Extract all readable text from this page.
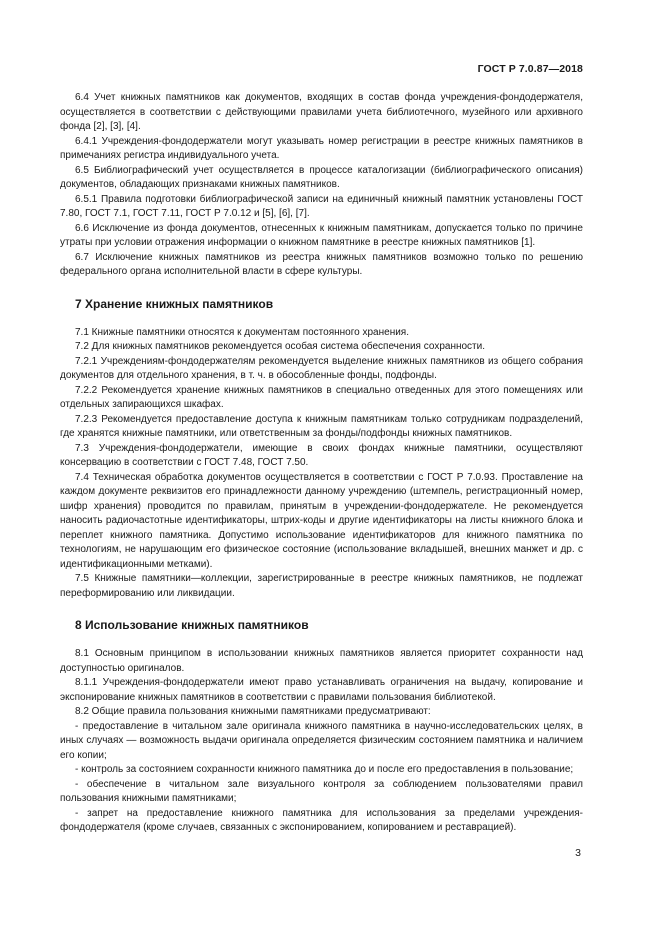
ГОСТ Р 7.0.87—2018

6.4 Учет книжных памятников как документов, входящих в состав фонда учреждения-фондодержателя, осуществляется в соответствии с действующими правилами учета библиотечного, музейного или архивного фонда [2], [3], [4].

6.4.1 Учреждения-фондодержатели могут указывать номер регистрации в реестре книжных памятников в примечаниях регистра индивидуального учета.

6.5 Библиографический учет осуществляется в процессе каталогизации (библиографического описания) документов, обладающих признаками книжных памятников.

6.5.1 Правила подготовки библиографической записи на единичный книжный памятник установлены ГОСТ 7.80, ГОСТ 7.1, ГОСТ 7.11, ГОСТ Р 7.0.12 и [5], [6], [7].

6.6 Исключение из фонда документов, отнесенных к книжным памятникам, допускается только по причине утраты при условии отражения информации о книжном памятнике в реестре книжных памятников [1].

6.7 Исключение книжных памятников из реестра книжных памятников возможно только по решению федерального органа исполнительной власти в сфере культуры.

7 Хранение книжных памятников

7.1 Книжные памятники относятся к документам постоянного хранения.

7.2 Для книжных памятников рекомендуется особая система обеспечения сохранности.

7.2.1 Учреждениям-фондодержателям рекомендуется выделение книжных памятников из общего собрания документов для отдельного хранения, в т. ч. в обособленные фонды, подфонды.

7.2.2 Рекомендуется хранение книжных памятников в специально отведенных для этого помещениях или отдельных запирающихся шкафах.

7.2.3 Рекомендуется предоставление доступа к книжным памятникам только сотрудникам подразделений, где хранятся книжные памятники, или ответственным за фонды/подфонды книжных памятников.

7.3 Учреждения-фондодержатели, имеющие в своих фондах книжные памятники, осуществляют консервацию в соответствии с ГОСТ 7.48, ГОСТ 7.50.

7.4 Техническая обработка документов осуществляется в соответствии с ГОСТ Р 7.0.93. Проставление на каждом документе реквизитов его принадлежности данному учреждению (штемпель, регистрационный номер, шифр хранения) проводится по правилам, принятым в учреждении-фондодержателе. Не рекомендуется наносить радиочастотные идентификаторы, штрих-коды и другие идентификаторы на листы книжного блока и переплет книжного памятника. Допустимо использование идентификаторов для книжного памятника по технологиям, не нарушающим его физическое состояние (использование вкладышей, внешних манжет и др. с идентификационными метками).

7.5 Книжные памятники—коллекции, зарегистрированные в реестре книжных памятников, не подлежат переформированию или ликвидации.

8 Использование книжных памятников

8.1 Основным принципом в использовании книжных памятников является приоритет сохранности над доступностью оригиналов.

8.1.1 Учреждения-фондодержатели имеют право устанавливать ограничения на выдачу, копирование и экспонирование книжных памятников в соответствии с правилами пользования библиотекой.

8.2 Общие правила пользования книжными памятниками предусматривают:

- предоставление в читальном зале оригинала книжного памятника в научно-исследовательских целях, в иных случаях — возможность выдачи оригинала определяется физическим состоянием памятника и наличием его копии;

- контроль за состоянием сохранности книжного памятника до и после его предоставления в пользование;

- обеспечение в читальном зале визуального контроля за соблюдением пользователями правил пользования книжными памятниками;

- запрет на предоставление книжного памятника для использования за пределами учреждения-фондодержателя (кроме случаев, связанных с экспонированием, копированием и реставрацией).

3
